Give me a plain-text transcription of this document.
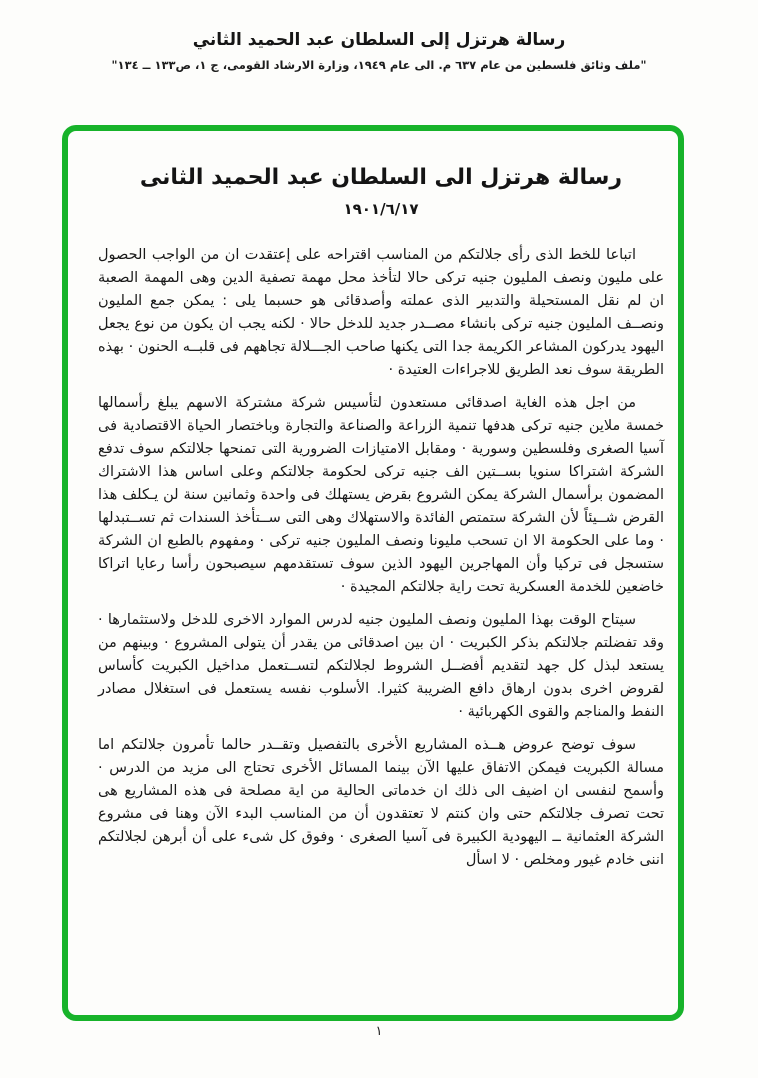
رسالة هرتزل إلى السلطان عبد الحميد الثاني
"ملف وثائق فلسطين من عام ٦٣٧ م. الى عام ١٩٤٩، وزارة الارشاد القومى، ج ١، ص١٣٣ ــ ١٣٤"
رسالة هرتزل الى السلطان عبد الحميد الثانى
١٩٠١/٦/١٧

اتباعا للخط الذى رأى جلالتكم من المناسب اقتراحه على إعتقدت ان من الواجب الحصول على مليون ونصف المليون جنيه تركى حالا لتأخذ محل مهمة تصفية الدين وهى المهمة الصعبة ان لم نقل المستحيلة والتدبير الذى عملته وأصدقائى هو حسبما يلى : يمكن جمع المليون ونصــف المليون جنيه تركى بانشاء مصــدر جديد للدخل حالا · لكنه يجب ان يكون من نوع يجعل اليهود يدركون المشاعر الكريمة جدا التى يكنها صاحب الجـــلالة تجاههم فى قلبــه الحنون · بهذه الطريقة سوف نعد الطريق للاجراءات العتيدة ·

من اجل هذه الغاية اصدقائى مستعدون لتأسيس شركة مشتركة الاسهم يبلغ رأسمالها خمسة ملاين جنيه تركى هدفها تنمية الزراعة والصناعة والتجارة وباختصار الحياة الاقتصادية فى آسيا الصغرى وفلسطين وسورية · ومقابل الامتيازات الضرورية التى تمنحها جلالتكم سوف تدفع الشركة اشتراكا سنويا بســتين الف جنيه تركى لحكومة جلالتكم وعلى اساس هذا الاشتراك المضمون برأسمال الشركة يمكن الشروع بقرض يستهلك فى واحدة وثمانين سنة لن يـكلف هذا القرض شــيئاً لأن الشركة ستمتص الفائدة والاستهلاك وهى التى ســتأخذ السندات ثم تســتبدلها · وما على الحكومة الا ان تسحب مليونا ونصف المليون جنيه تركى · ومفهوم بالطبع ان الشركة ستسجل فى تركيا وأن المهاجرين اليهود الذين سوف تستقدمهم سيصبحون رأسا رعايا اتراكا خاضعين للخدمة العسكرية تحت راية جلالتكم المجيدة ·

سيتاح الوقت بهذا المليون ونصف المليون جنيه لدرس الموارد الاخرى للدخل ولاستثمارها · وقد تفضلتم جلالتكم بذكر الكبريت · ان بين اصدقائى من يقدر أن يتولى المشروع · وبينهم من يستعد لبذل كل جهد لتقديم أفضــل الشروط لجلالتكم لتســتعمل مداخيل الكبريت كأساس لقروض اخرى بدون ارهاق دافع الضريبة كثيرا. الأسلوب نفسه يستعمل فى استغلال مصادر النفط والمناجم والقوى الكهربائية ·

سوف توضح عروض هــذه المشاريع الأخرى بالتفصيل وتقــدر حالما تأمرون جلالتكم اما مسالة الكبريت فيمكن الاتفاق عليها الآن بينما المسائل الأخرى تحتاج الى مزيد من الدرس · وأسمح لنفسى ان اضيف الى ذلك ان خدماتى الحالية من اية مصلحة فى هذه المشاريع هى تحت تصرف جلالتكم حتى وان كنتم لا تعتقدون أن من المناسب البدء الآن وهنا فى مشروع الشركة العثمانية ــ اليهودية الكبيرة فى آسيا الصغرى · وفوق كل شىء على أن أبرهن لجلالتكم اننى خادم غيور ومخلص · لا اسأل

١
